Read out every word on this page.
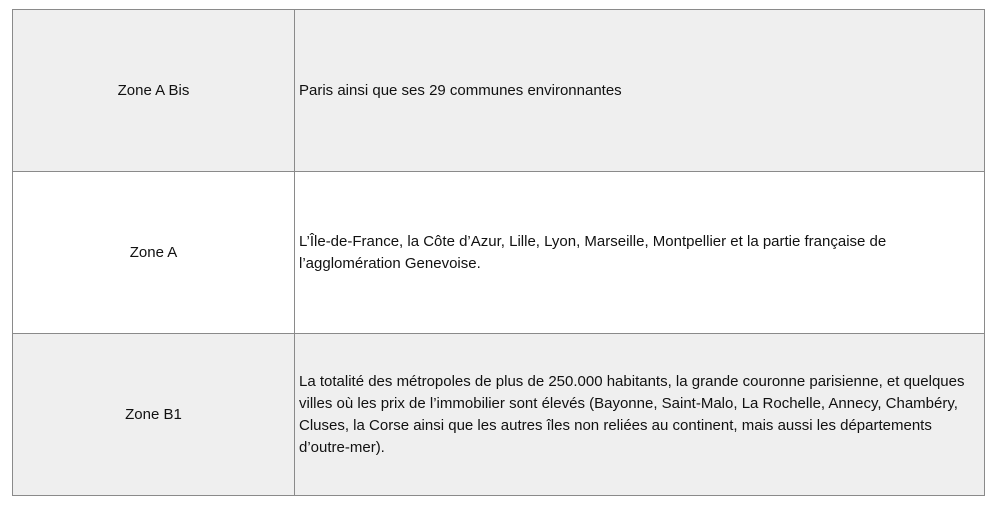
Zone A Bis	Paris ainsi que ses 29 communes environnantes
Zone A	L’Île-de-France, la Côte d’Azur, Lille, Lyon, Marseille, Montpellier et la partie française de l’agglomération Genevoise.
Zone B1	La totalité des métropoles de plus de 250.000 habitants, la grande couronne parisienne, et quelques villes où les prix de l’immobilier sont élevés (Bayonne, Saint-Malo, La Rochelle, Annecy, Chambéry, Cluses, la Corse ainsi que les autres îles non reliées au continent, mais aussi les départements d’outre-mer).
